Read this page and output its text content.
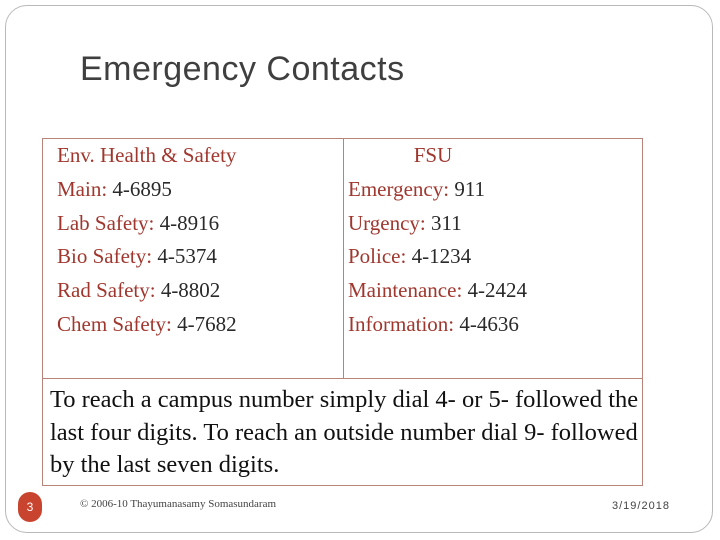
Emergency Contacts
Env. Health & Safety
Main: 4-6895
Lab Safety: 4-8916
Bio Safety: 4-5374
Rad Safety: 4-8802
Chem Safety: 4-7682
FSU
Emergency: 911
Urgency: 311
Police: 4-1234
Maintenance: 4-2424
Information: 4-4636
To reach a campus number simply dial 4- or 5- followed the last four digits. To reach an outside number dial 9- followed by the last seven digits.
3	© 2006-10 Thayumanasamy Somasundaram	3/19/2018
